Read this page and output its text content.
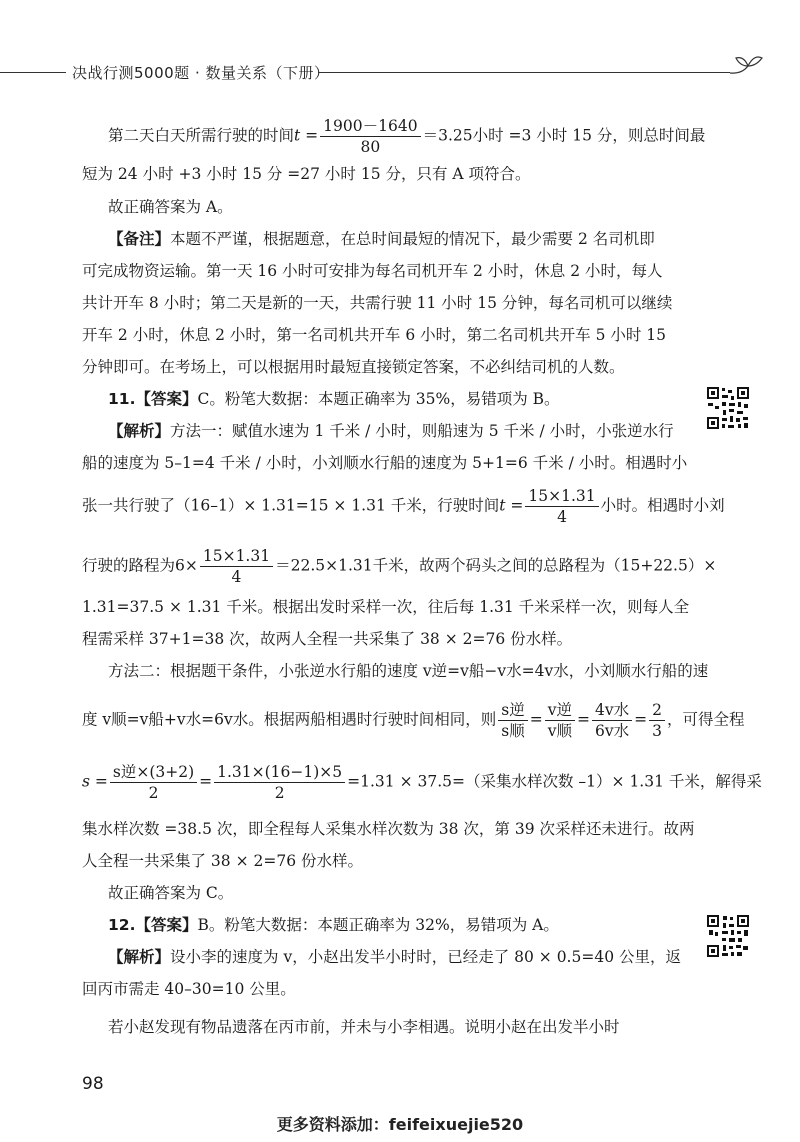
决战行测5000题 · 数量关系（下册）
第二天白天所需行驶的时间$t = \frac{1900-1640}{80} =3.25$小时 =3 小时 15 分，则总时间最
短为 24 小时 +3 小时 15 分 =27 小时 15 分，只有 A 项符合。
故正确答案为 A。
【备注】本题不严谨，根据题意，在总时间最短的情况下，最少需要 2 名司机即
可完成物资运输。第一天 16 小时可安排为每名司机开车 2 小时，休息 2 小时，每人
共计开车 8 小时；第二天是新的一天，共需行驶 11 小时 15 分钟，每名司机可以继续
开车 2 小时，休息 2 小时，第一名司机共开车 6 小时，第二名司机共开车 5 小时 15
分钟即可。在考场上，可以根据用时最短直接锁定答案，不必纠结司机的人数。
11.【答案】C。粉笔大数据：本题正确率为 35%，易错项为 B。
【解析】方法一：赋值水速为 1 千米 / 小时，则船速为 5 千米 / 小时，小张逆水行
船的速度为 5–1=4 千米 / 小时，小刘顺水行船的速度为 5+1=6 千米 / 小时。相遇时小
张一共行驶了（16–1）× 1.31=15 × 1.31 千米，行驶时间$t = \frac{15\times 1.31}{4}$ 小时。相遇时小刘
行驶的路程为$6\times \frac{15\times 1.31}{4} =22.5\times 1.31$千米，故两个码头之间的总路程为（15+22.5）×
1.31=37.5 × 1.31 千米。根据出发时采样一次，往后每 1.31 千米采样一次，则每人全
程需采样 37+1=38 次，故两人全程一共采集了 38 × 2=76 份水样。
方法二：根据题干条件，小张逆水行船的速度 v逆=v船−v水=4v水，小刘顺水行船的速
度 v顺=v船+v水=6v水。根据两船相遇时行驶时间相同，则 $\frac{\text{s逆}}{\text{s顺}} = \frac{\text{v逆}}{\text{v顺}} = \frac{\text{4v水}}{\text{6v水}} = \frac{2}{3}$ ，可得全程
$s = \frac{\text{s逆×(3+2)}}{2} = \frac{1.31\times(16-1)\times 5}{2} =1.31 \times 37.5=$（采集水样次数 –1）× 1.31 千米，解得采
集水样次数 =38.5 次，即全程每人采集水样次数为 38 次，第 39 次采样还未进行。故两
人全程一共采集了 38 × 2=76 份水样。
故正确答案为 C。
12.【答案】B。粉笔大数据：本题正确率为 32%，易错项为 A。
【解析】设小李的速度为 v，小赵出发半小时时，已经走了 80 × 0.5=40 公里，返
回丙市需走 40–30=10 公里。
若小赵发现有物品遗落在丙市前，并未与小李相遇。说明小赵在出发半小时
98
更多资料添加：feifeixuejie520
